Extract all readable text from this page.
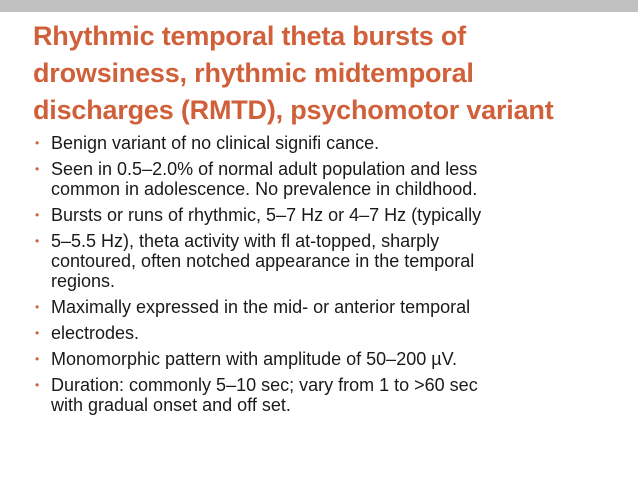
Rhythmic temporal theta bursts of
drowsiness, rhythmic midtemporal
discharges (RMTD), psychomotor variant
• Benign variant of no clinical signifi cance.
• Seen in 0.5–2.0% of normal adult population and less
common in adolescence. No prevalence in childhood.
• Bursts or runs of rhythmic, 5–7 Hz or 4–7 Hz (typically
• 5–5.5 Hz), theta activity with fl at-topped, sharply
contoured, often notched appearance in the temporal
regions.
• Maximally expressed in the mid- or anterior temporal
• electrodes.
• Monomorphic pattern with amplitude of 50–200 µV.
• Duration: commonly 5–10 sec; vary from 1 to >60 sec
with gradual onset and off set.
